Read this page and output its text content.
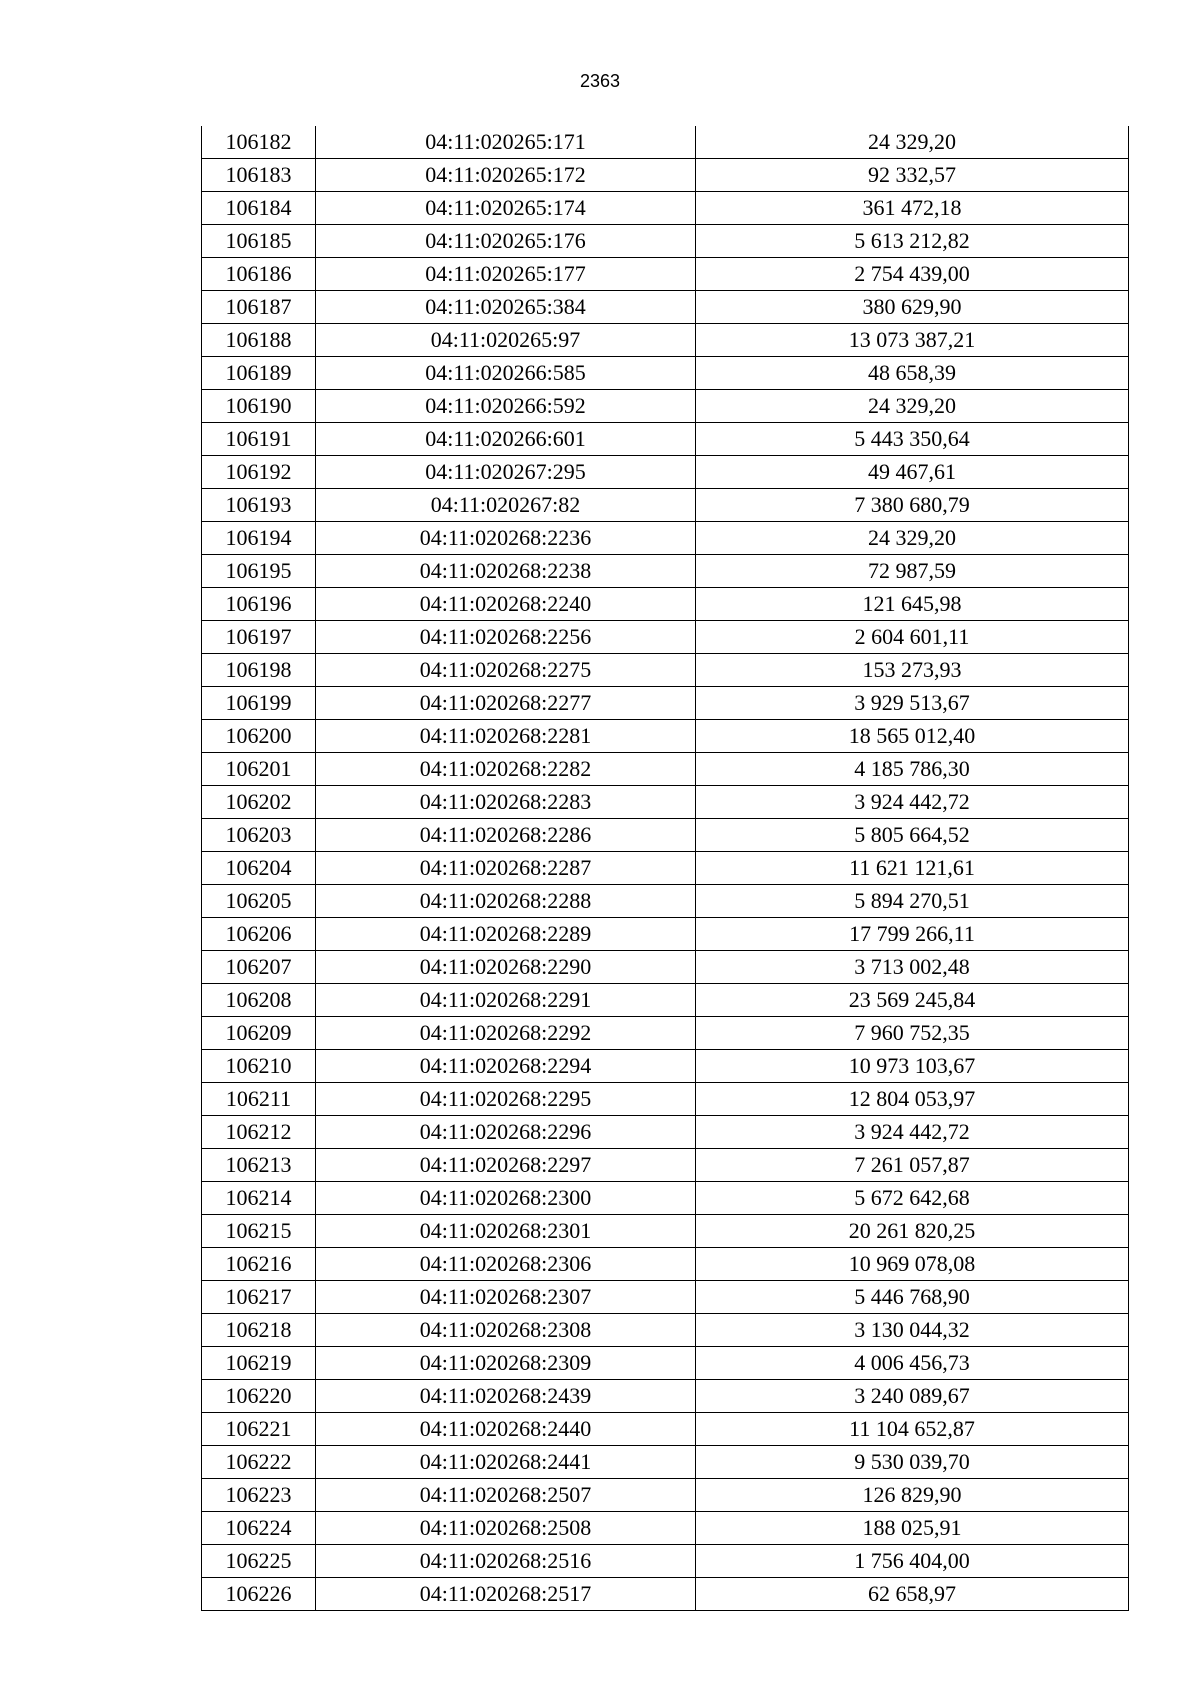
2363
106182	04:11:020265:171	24 329,20
106183	04:11:020265:172	92 332,57
106184	04:11:020265:174	361 472,18
106185	04:11:020265:176	5 613 212,82
106186	04:11:020265:177	2 754 439,00
106187	04:11:020265:384	380 629,90
106188	04:11:020265:97	13 073 387,21
106189	04:11:020266:585	48 658,39
106190	04:11:020266:592	24 329,20
106191	04:11:020266:601	5 443 350,64
106192	04:11:020267:295	49 467,61
106193	04:11:020267:82	7 380 680,79
106194	04:11:020268:2236	24 329,20
106195	04:11:020268:2238	72 987,59
106196	04:11:020268:2240	121 645,98
106197	04:11:020268:2256	2 604 601,11
106198	04:11:020268:2275	153 273,93
106199	04:11:020268:2277	3 929 513,67
106200	04:11:020268:2281	18 565 012,40
106201	04:11:020268:2282	4 185 786,30
106202	04:11:020268:2283	3 924 442,72
106203	04:11:020268:2286	5 805 664,52
106204	04:11:020268:2287	11 621 121,61
106205	04:11:020268:2288	5 894 270,51
106206	04:11:020268:2289	17 799 266,11
106207	04:11:020268:2290	3 713 002,48
106208	04:11:020268:2291	23 569 245,84
106209	04:11:020268:2292	7 960 752,35
106210	04:11:020268:2294	10 973 103,67
106211	04:11:020268:2295	12 804 053,97
106212	04:11:020268:2296	3 924 442,72
106213	04:11:020268:2297	7 261 057,87
106214	04:11:020268:2300	5 672 642,68
106215	04:11:020268:2301	20 261 820,25
106216	04:11:020268:2306	10 969 078,08
106217	04:11:020268:2307	5 446 768,90
106218	04:11:020268:2308	3 130 044,32
106219	04:11:020268:2309	4 006 456,73
106220	04:11:020268:2439	3 240 089,67
106221	04:11:020268:2440	11 104 652,87
106222	04:11:020268:2441	9 530 039,70
106223	04:11:020268:2507	126 829,90
106224	04:11:020268:2508	188 025,91
106225	04:11:020268:2516	1 756 404,00
106226	04:11:020268:2517	62 658,97
